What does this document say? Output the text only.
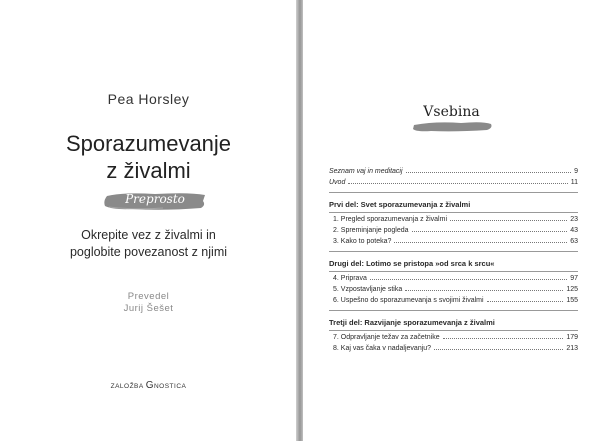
Pea Horsley
Sporazumevanje
z živalmi
Preprosto
Okrepite vez z živalmi in
poglobite povezanost z njimi
Prevedel
Jurij Šešet
ZALOŽBA GNOSTICA
Vsebina
Seznam vaj in meditacij	9
Uvod	11
Prvi del: Svet sporazumevanja z živalmi
1. Pregled sporazumevanja z živalmi	23
2. Spreminjanje pogleda	43
3. Kako to poteka?	63
Drugi del: Lotimo se pristopa »od srca k srcu«
4. Priprava	97
5. Vzpostavljanje stika	125
6. Uspešno do sporazumevanja s svojimi živalmi	155
Tretji del: Razvijanje sporazumevanja z živalmi
7. Odpravljanje težav za začetnike	179
8. Kaj vas čaka v nadaljevanju?	213
